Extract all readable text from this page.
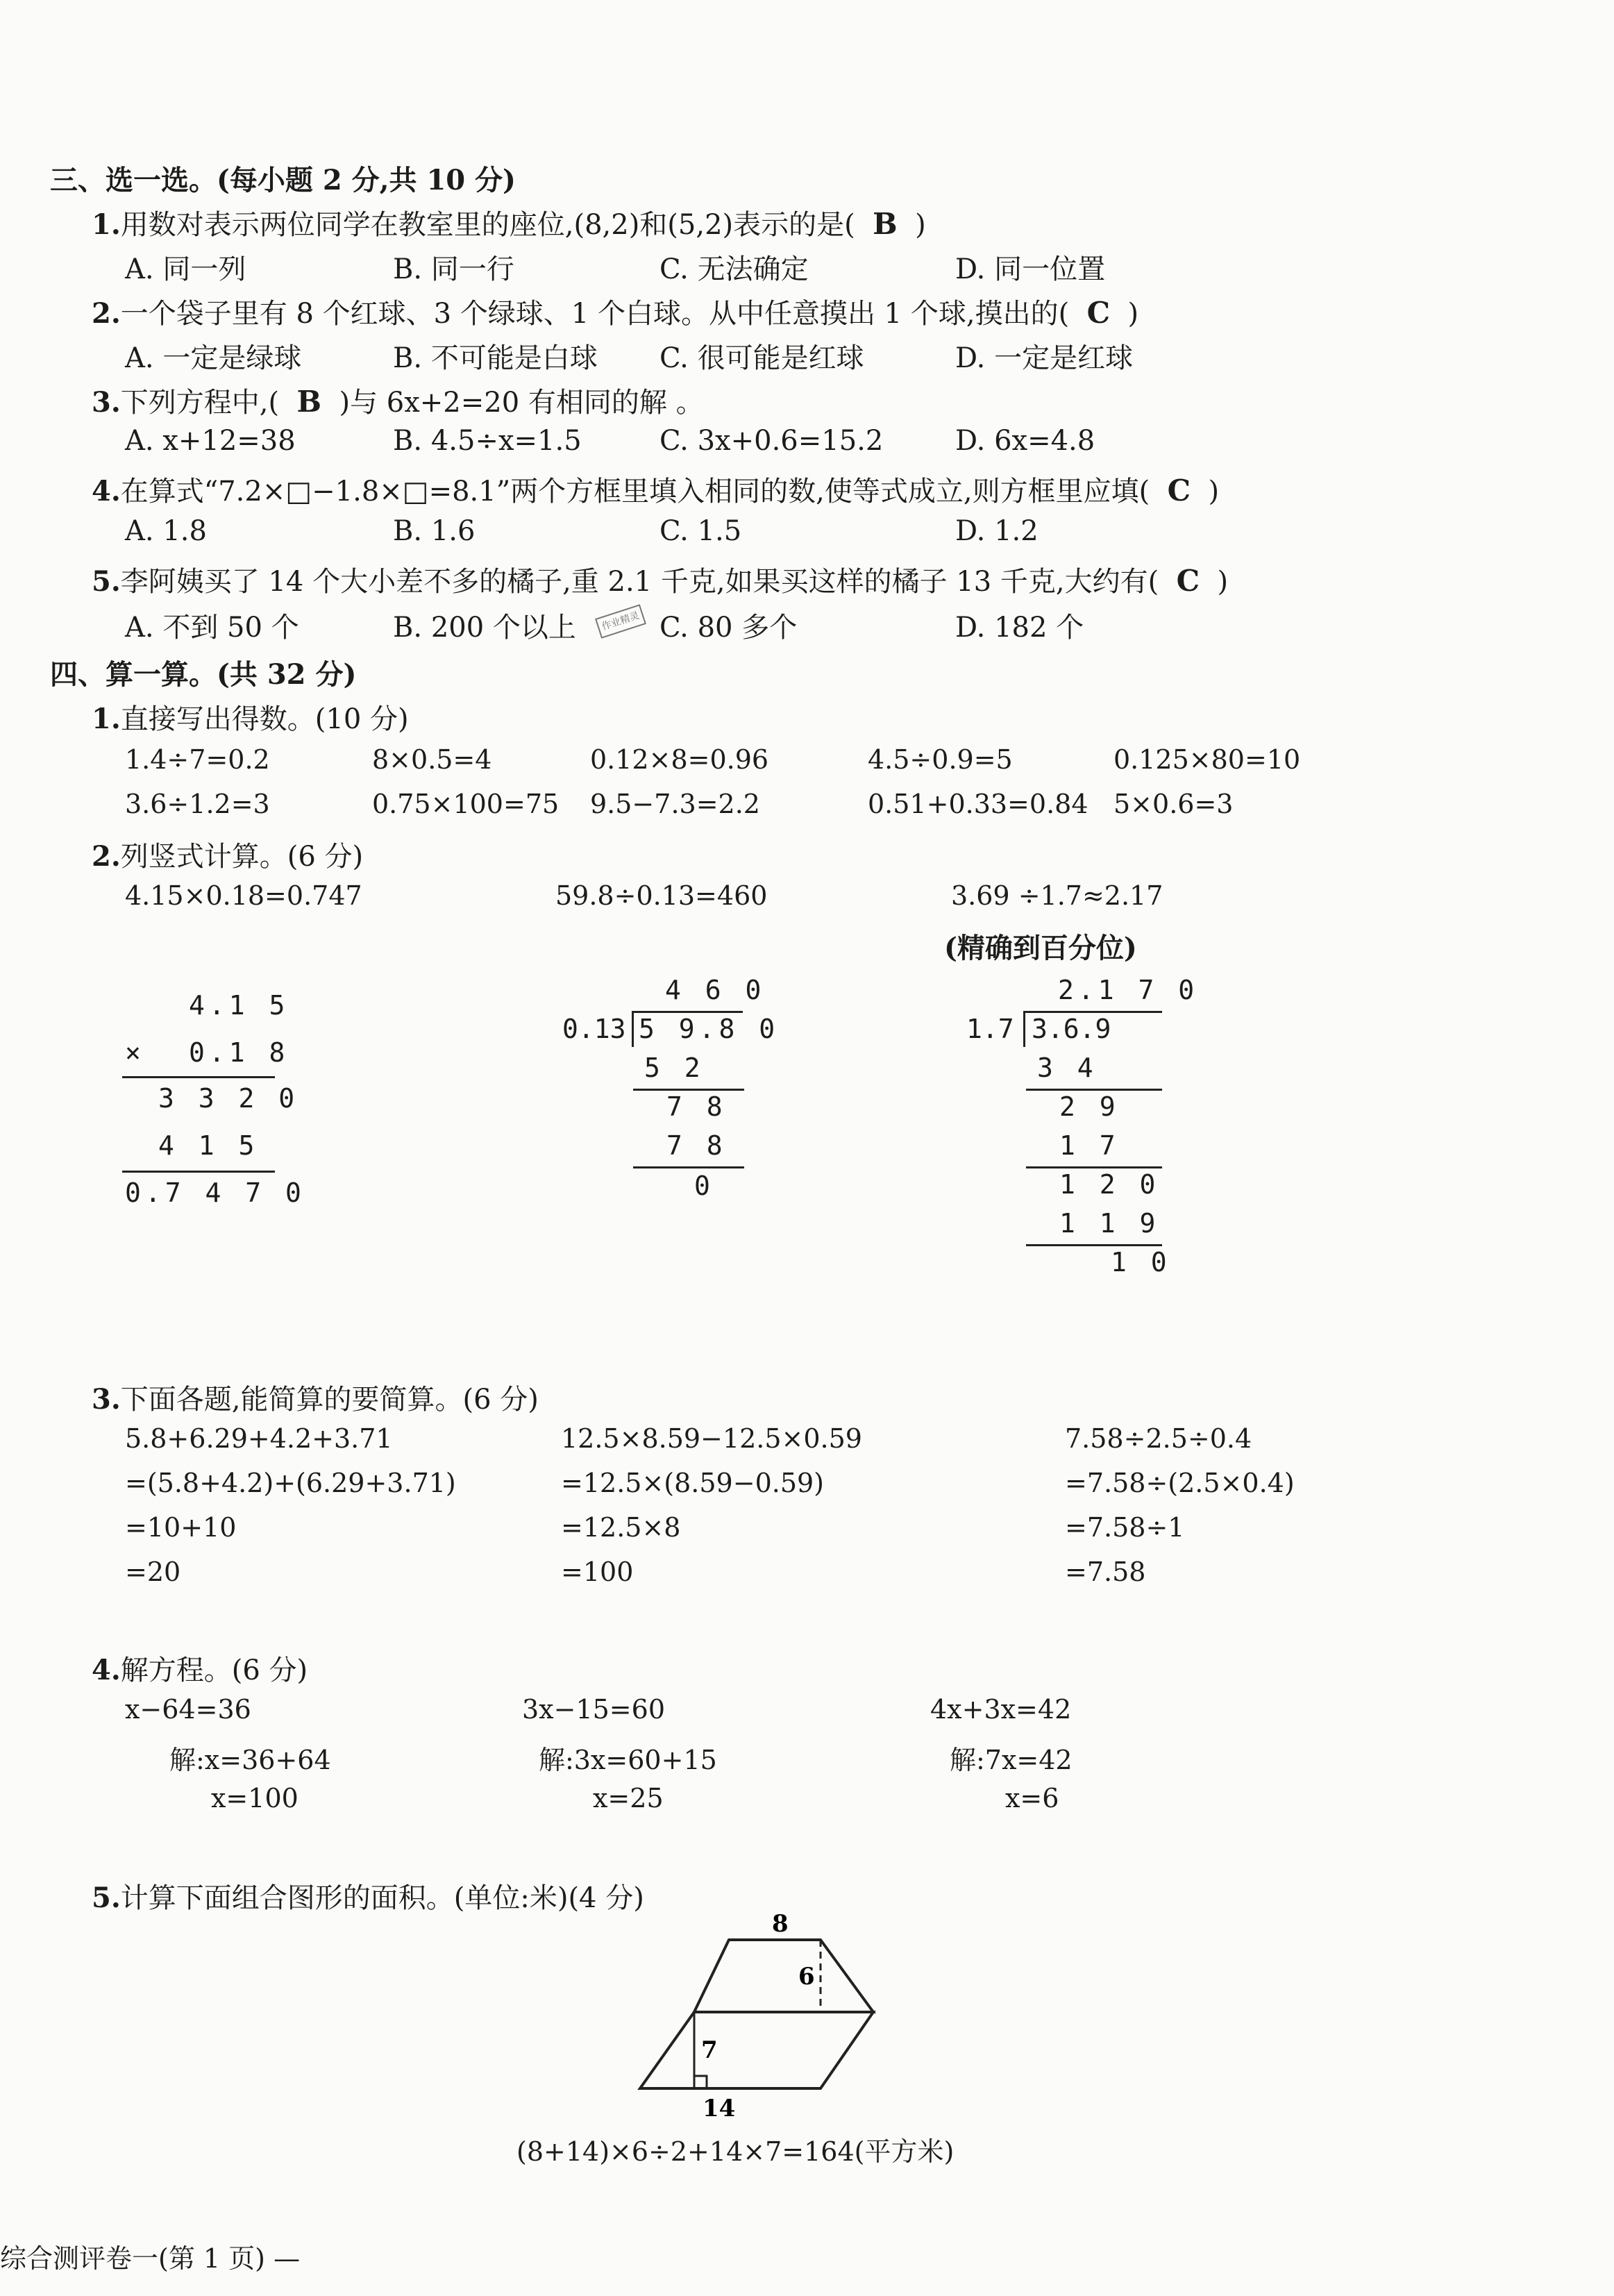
三、选一选。(每小题 2 分,共 10 分)
1.用数对表示两位同学在教室里的座位,(8,2)和(5,2)表示的是( B )
A. 同一列	B. 同一行	C. 无法确定	D. 同一位置
2.一个袋子里有 8 个红球、3 个绿球、1 个白球。从中任意摸出 1 个球,摸出的( C )
A. 一定是绿球	B. 不可能是白球 C. 很可能是红球	D. 一定是红球
3.下列方程中,( B )与 6x+2=20 有相同的解 。
A. x+12=38	B. 4.5÷x=1.5	C. 3x+0.6=15.2	D. 6x=4.8
4.在算式“7.2×□−1.8×□=8.1”两个方框里填入相同的数,使等式成立,则方框里应填( C )
A. 1.8	B. 1.6	C. 1.5	D. 1.2
5.李阿姨买了 14 个大小差不多的橘子,重 2.1 千克,如果买这样的橘子 13 千克,大约有( C )
A. 不到 50 个	B. 200 个以上	C. 80 多个	D. 182 个
作业精灵
四、算一算。(共 32 分)
1.直接写出得数。(10 分)
1.4÷7=0.2	8×0.5=4	0.12×8=0.96	4.5÷0.9=5	0.125×80=10
3.6÷1.2=3	0.75×100=75 9.5−7.3=2.2	0.51+0.33=0.84 5×0.6=3
2.列竖式计算。(6 分)
4.15×0.18=0.747	59.8÷0.13=460	3.69 ÷1.7≈2.17
(精确到百分位)
4.1 5
× 0.1 8
3 3 2 0
4 1 5
0.7 4 7 0
4 6 0
0.13 5 9.8 0
5 2
7 8
7 8
0
2.1 7 0
1.7 3.6.9
3 4
2 9
1 7
1 2 0
1 1 9
1 0
3.下面各题,能简算的要简算。(6 分)
5.8+6.29+4.2+3.71
=(5.8+4.2)+(6.29+3.71)
=10+10
=20
12.5×8.59−12.5×0.59
=12.5×(8.59−0.59)
=12.5×8
=100
7.58÷2.5÷0.4
=7.58÷(2.5×0.4)
=7.58÷1
=7.58
4.解方程。(6 分)
x−64=36
解:x=36+64
x=100
3x−15=60
解:3x=60+15
x=25
4x+3x=42
解:7x=42
x=6
5.计算下面组合图形的面积。(单位:米)(4 分)
8
6
7
14
(8+14)×6÷2+14×7=164(平方米)
综合测评卷一(第 1 页) —
